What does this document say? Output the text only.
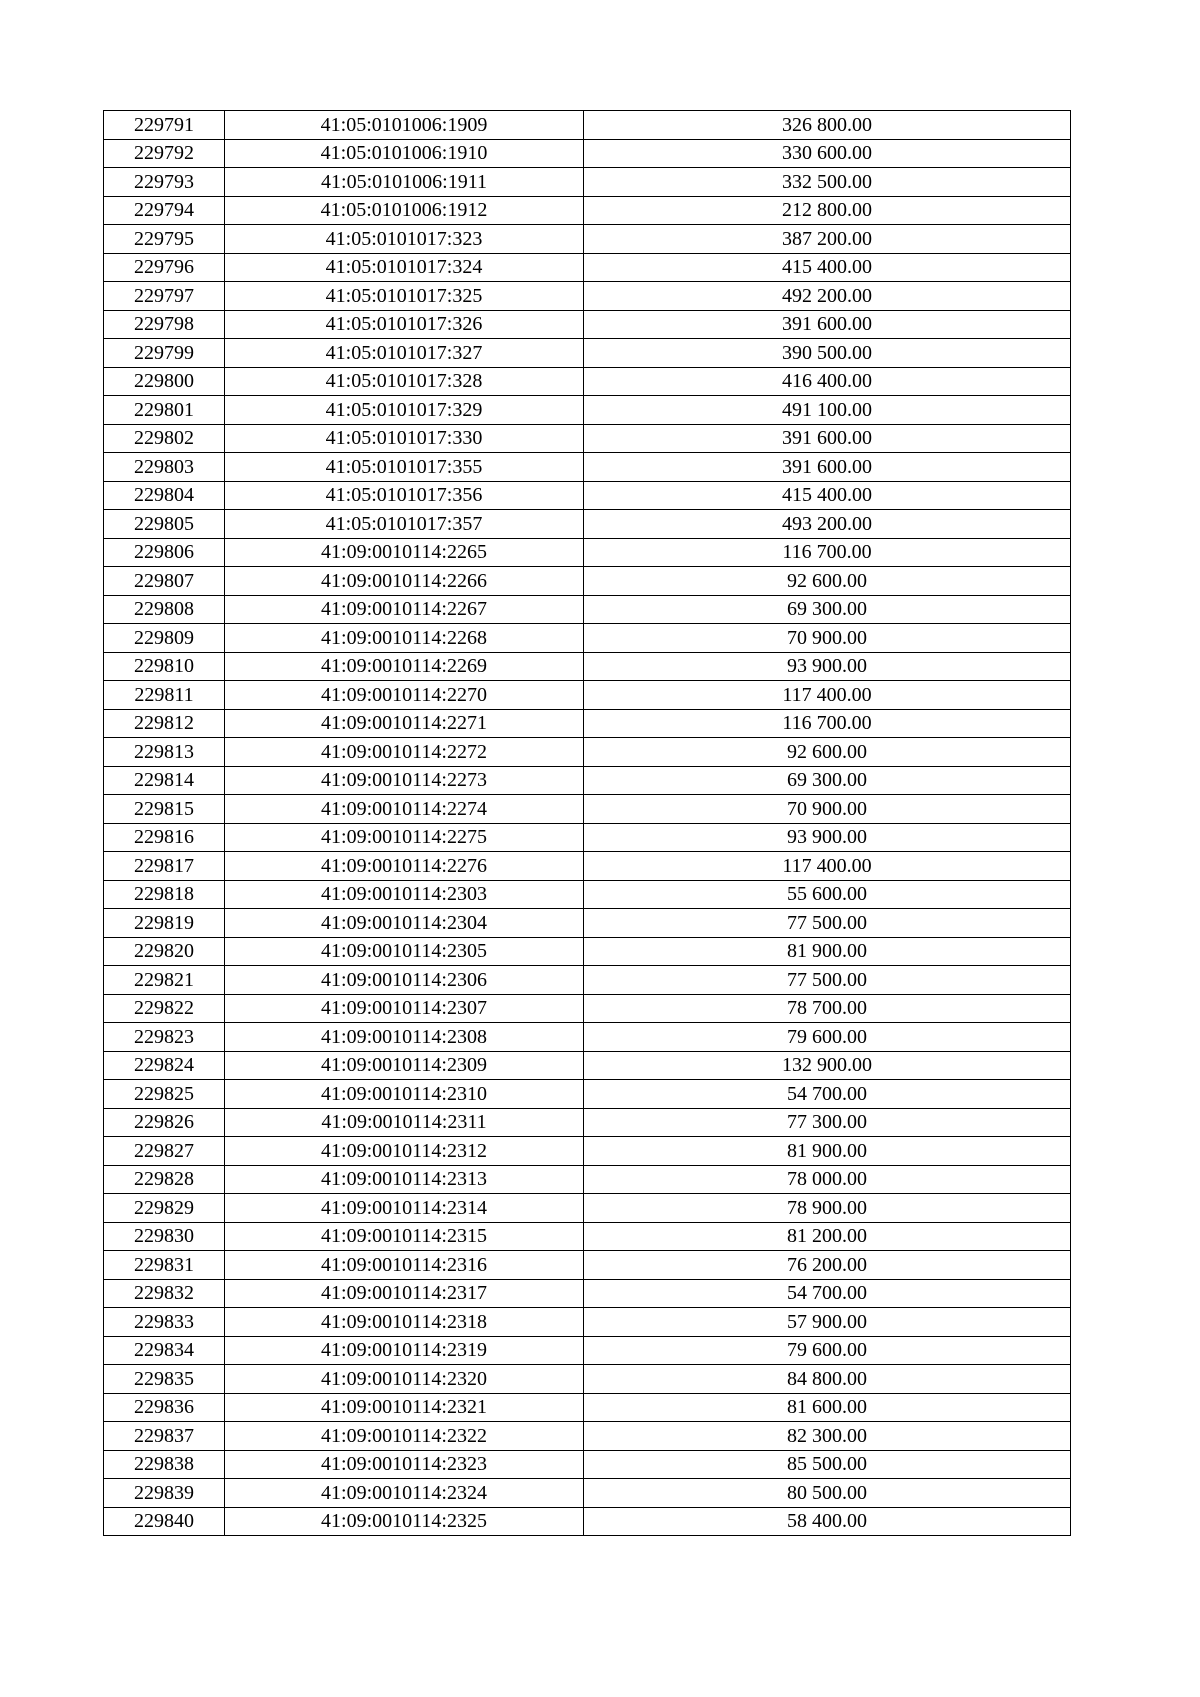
229791	41:05:0101006:1909	326 800.00
229792	41:05:0101006:1910	330 600.00
229793	41:05:0101006:1911	332 500.00
229794	41:05:0101006:1912	212 800.00
229795	41:05:0101017:323	387 200.00
229796	41:05:0101017:324	415 400.00
229797	41:05:0101017:325	492 200.00
229798	41:05:0101017:326	391 600.00
229799	41:05:0101017:327	390 500.00
229800	41:05:0101017:328	416 400.00
229801	41:05:0101017:329	491 100.00
229802	41:05:0101017:330	391 600.00
229803	41:05:0101017:355	391 600.00
229804	41:05:0101017:356	415 400.00
229805	41:05:0101017:357	493 200.00
229806	41:09:0010114:2265	116 700.00
229807	41:09:0010114:2266	92 600.00
229808	41:09:0010114:2267	69 300.00
229809	41:09:0010114:2268	70 900.00
229810	41:09:0010114:2269	93 900.00
229811	41:09:0010114:2270	117 400.00
229812	41:09:0010114:2271	116 700.00
229813	41:09:0010114:2272	92 600.00
229814	41:09:0010114:2273	69 300.00
229815	41:09:0010114:2274	70 900.00
229816	41:09:0010114:2275	93 900.00
229817	41:09:0010114:2276	117 400.00
229818	41:09:0010114:2303	55 600.00
229819	41:09:0010114:2304	77 500.00
229820	41:09:0010114:2305	81 900.00
229821	41:09:0010114:2306	77 500.00
229822	41:09:0010114:2307	78 700.00
229823	41:09:0010114:2308	79 600.00
229824	41:09:0010114:2309	132 900.00
229825	41:09:0010114:2310	54 700.00
229826	41:09:0010114:2311	77 300.00
229827	41:09:0010114:2312	81 900.00
229828	41:09:0010114:2313	78 000.00
229829	41:09:0010114:2314	78 900.00
229830	41:09:0010114:2315	81 200.00
229831	41:09:0010114:2316	76 200.00
229832	41:09:0010114:2317	54 700.00
229833	41:09:0010114:2318	57 900.00
229834	41:09:0010114:2319	79 600.00
229835	41:09:0010114:2320	84 800.00
229836	41:09:0010114:2321	81 600.00
229837	41:09:0010114:2322	82 300.00
229838	41:09:0010114:2323	85 500.00
229839	41:09:0010114:2324	80 500.00
229840	41:09:0010114:2325	58 400.00
